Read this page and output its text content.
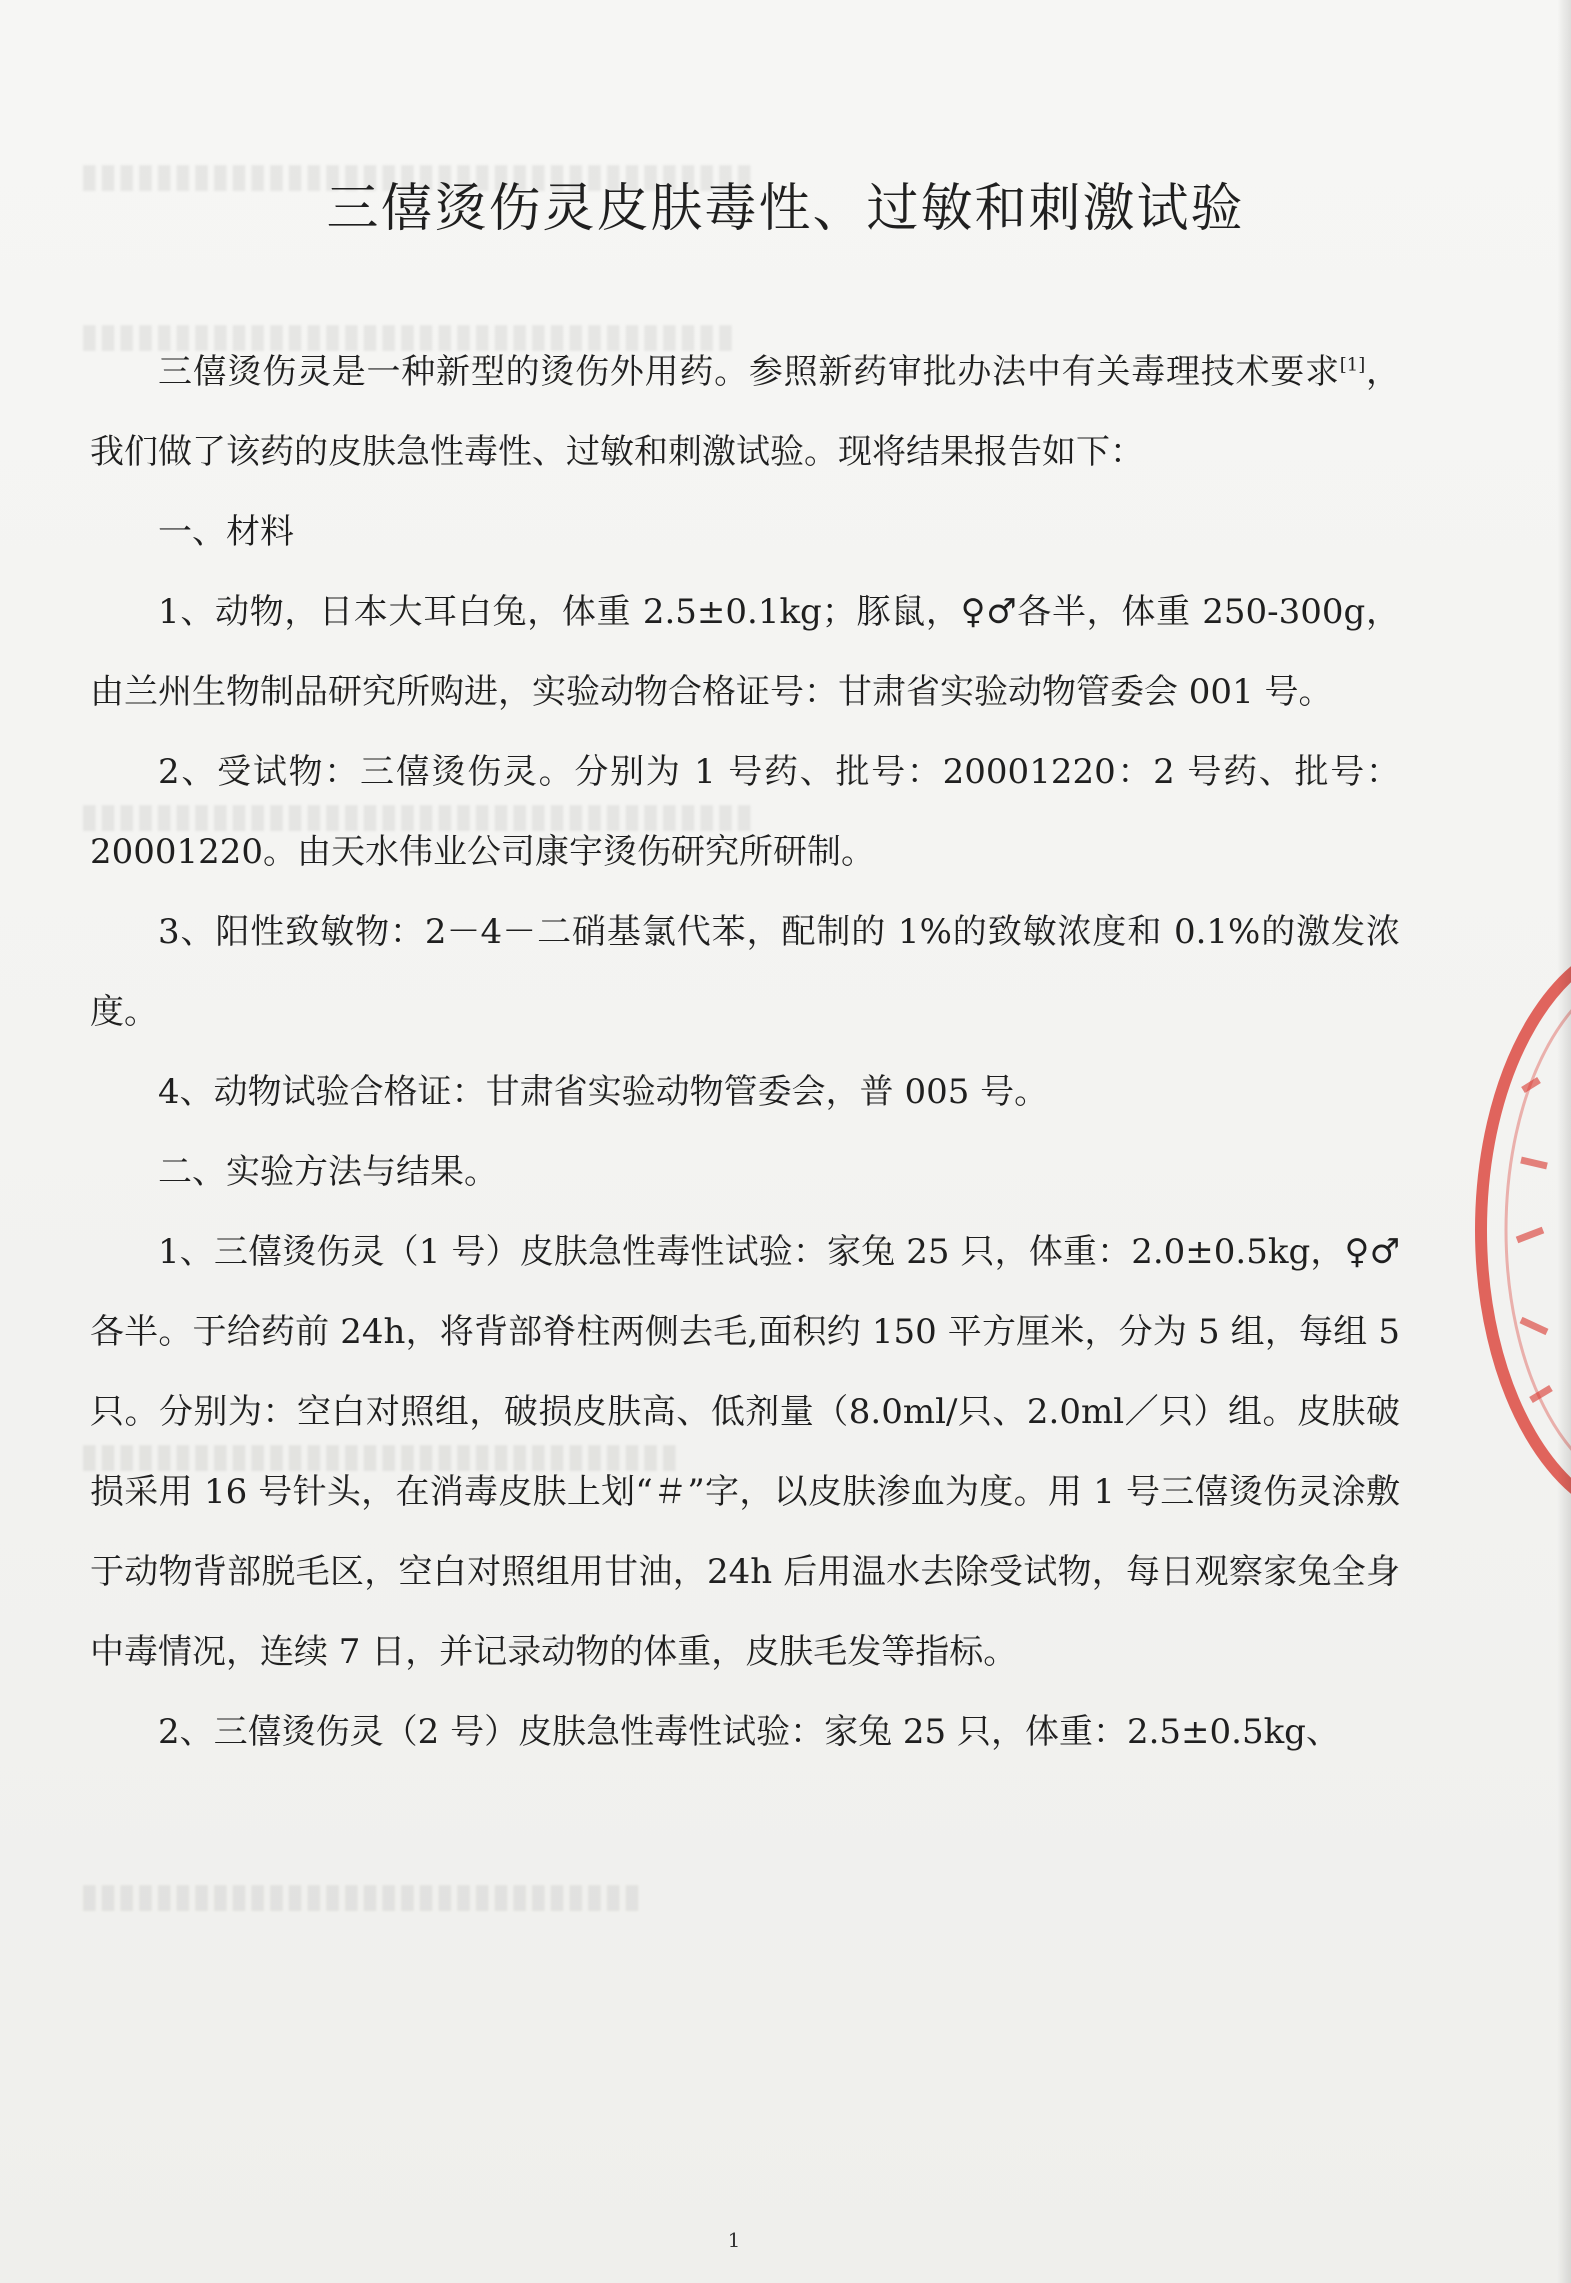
▮▮▮▮▮▮▮▮▮▮▮▮▮▮▮▮▮▮▮▮▮▮▮▮▮▮▮▮▮▮▮▮▮▮▮▮
▮▮▮▮▮▮▮▮▮▮▮▮▮▮▮▮▮▮▮▮▮▮▮▮▮▮▮▮▮▮▮▮▮▮▮
▮▮▮▮▮▮▮▮▮▮▮▮▮▮▮▮▮▮▮▮▮▮▮▮▮▮▮▮▮▮▮▮▮▮▮▮
▮▮▮▮▮▮▮▮▮▮▮▮▮▮▮▮▮▮▮▮▮▮▮▮▮▮▮▮▮▮▮▮
▮▮▮▮▮▮▮▮▮▮▮▮▮▮▮▮▮▮▮▮▮▮▮▮▮▮▮▮▮▮
三僖烫伤灵皮肤毒性、过敏和刺激试验

三僖烫伤灵是一种新型的烫伤外用药。参照新药审批办法中有关毒理技术要求[1]，我们做了该药的皮肤急性毒性、过敏和刺激试验。现将结果报告如下：

一、材料

1、动物，日本大耳白兔，体重 2.5±0.1kg；豚鼠，♀♂各半，体重 250-300g，由兰州生物制品研究所购进，实验动物合格证号：甘肃省实验动物管委会 001 号。

2、受试物：三僖烫伤灵。分别为 1 号药、批号：20001220：2 号药、批号：20001220。由天水伟业公司康宇烫伤研究所研制。

3、阳性致敏物：2－4－二硝基氯代苯，配制的 1%的致敏浓度和 0.1%的激发浓度。

4、动物试验合格证：甘肃省实验动物管委会，普 005 号。

二、实验方法与结果。

1、三僖烫伤灵（1 号）皮肤急性毒性试验：家兔 25 只，体重：2.0±0.5kg，♀♂各半。于给药前 24h，将背部脊柱两侧去毛,面积约 150 平方厘米，分为 5 组，每组 5 只。分别为：空白对照组，破损皮肤高、低剂量（8.0ml/只、2.0ml／只）组。皮肤破损采用 16 号针头，在消毒皮肤上划“＃”字，以皮肤渗血为度。用 1 号三僖烫伤灵涂敷于动物背部脱毛区，空白对照组用甘油，24h 后用温水去除受试物，每日观察家兔全身中毒情况，连续 7 日，并记录动物的体重，皮肤毛发等指标。

2、三僖烫伤灵（2 号）皮肤急性毒性试验：家兔 25 只，体重：2.5±0.5kg、

1
